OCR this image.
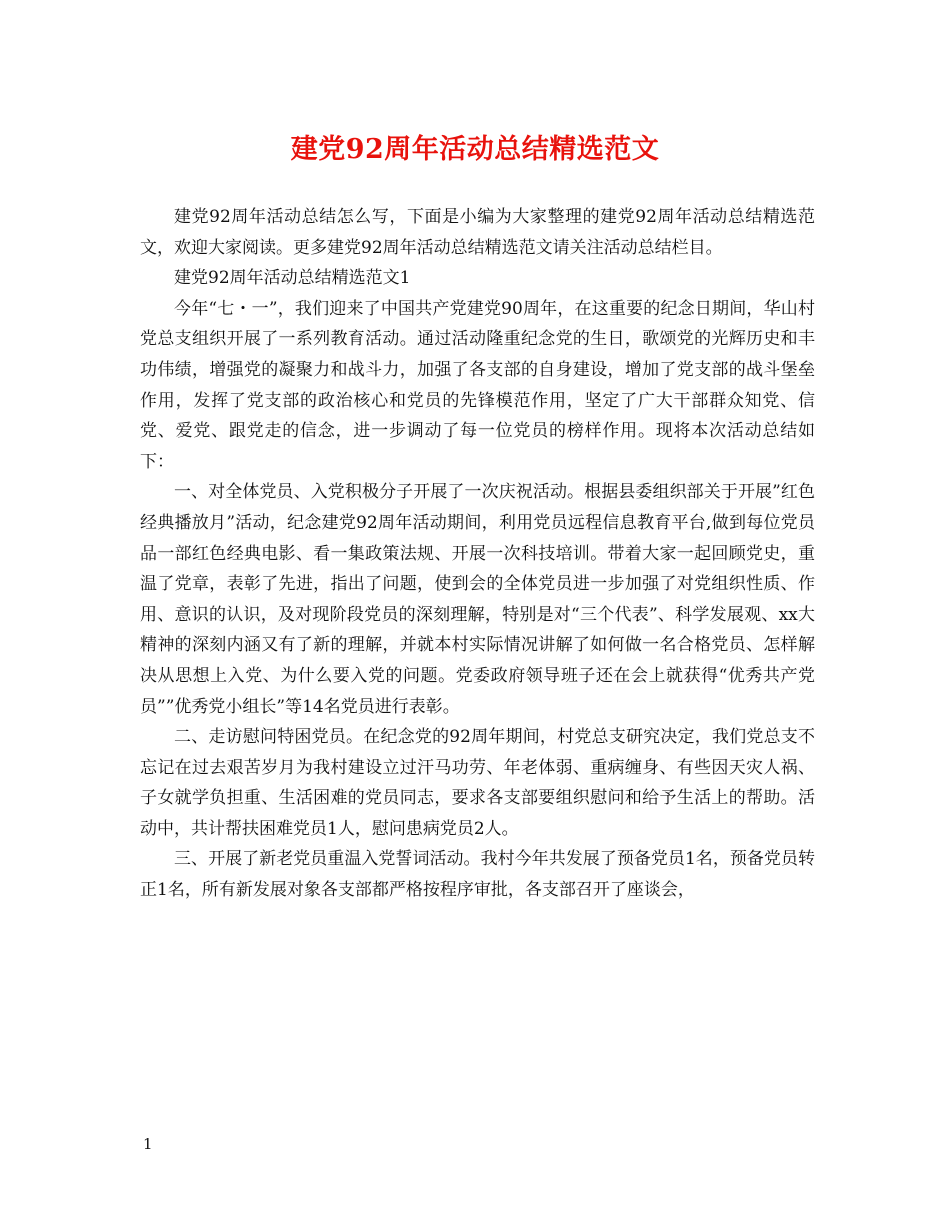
建党92周年活动总结精选范文

建党92周年活动总结怎么写，下面是小编为大家整理的建党92周年活动总结精选范文，欢迎大家阅读。更多建党92周年活动总结精选范文请关注活动总结栏目。

建党92周年活动总结精选范文1

今年“七・一”，我们迎来了中国共产党建党90周年，在这重要的纪念日期间，华山村党总支组织开展了一系列教育活动。通过活动隆重纪念党的生日，歌颂党的光辉历史和丰功伟绩，增强党的凝聚力和战斗力，加强了各支部的自身建设，增加了党支部的战斗堡垒作用，发挥了党支部的政治核心和党员的先锋模范作用，坚定了广大干部群众知党、信党、爱党、跟党走的信念，进一步调动了每一位党员的榜样作用。现将本次活动总结如下：

一、对全体党员、入党积极分子开展了一次庆祝活动。根据县委组织部关于开展”红色经典播放月”活动，纪念建党92周年活动期间，利用党员远程信息教育平台,做到每位党员品一部红色经典电影、看一集政策法规、开展一次科技培训。带着大家一起回顾党史，重温了党章，表彰了先进，指出了问题，使到会的全体党员进一步加强了对党组织性质、作用、意识的认识，及对现阶段党员的深刻理解，特别是对“三个代表”、科学发展观、xx大精神的深刻内涵又有了新的理解，并就本村实际情况讲解了如何做一名合格党员、怎样解决从思想上入党、为什么要入党的问题。党委政府领导班子还在会上就获得“优秀共产党员””优秀党小组长”等14名党员进行表彰。

二、走访慰问特困党员。在纪念党的92周年期间，村党总支研究决定，我们党总支不忘记在过去艰苦岁月为我村建设立过汗马功劳、年老体弱、重病缠身、有些因天灾人祸、子女就学负担重、生活困难的党员同志，要求各支部要组织慰问和给予生活上的帮助。活动中，共计帮扶困难党员1人，慰问患病党员2人。

三、开展了新老党员重温入党誓词活动。我村今年共发展了预备党员1名，预备党员转正1名，所有新发展对象各支部都严格按程序审批，各支部召开了座谈会，

1
